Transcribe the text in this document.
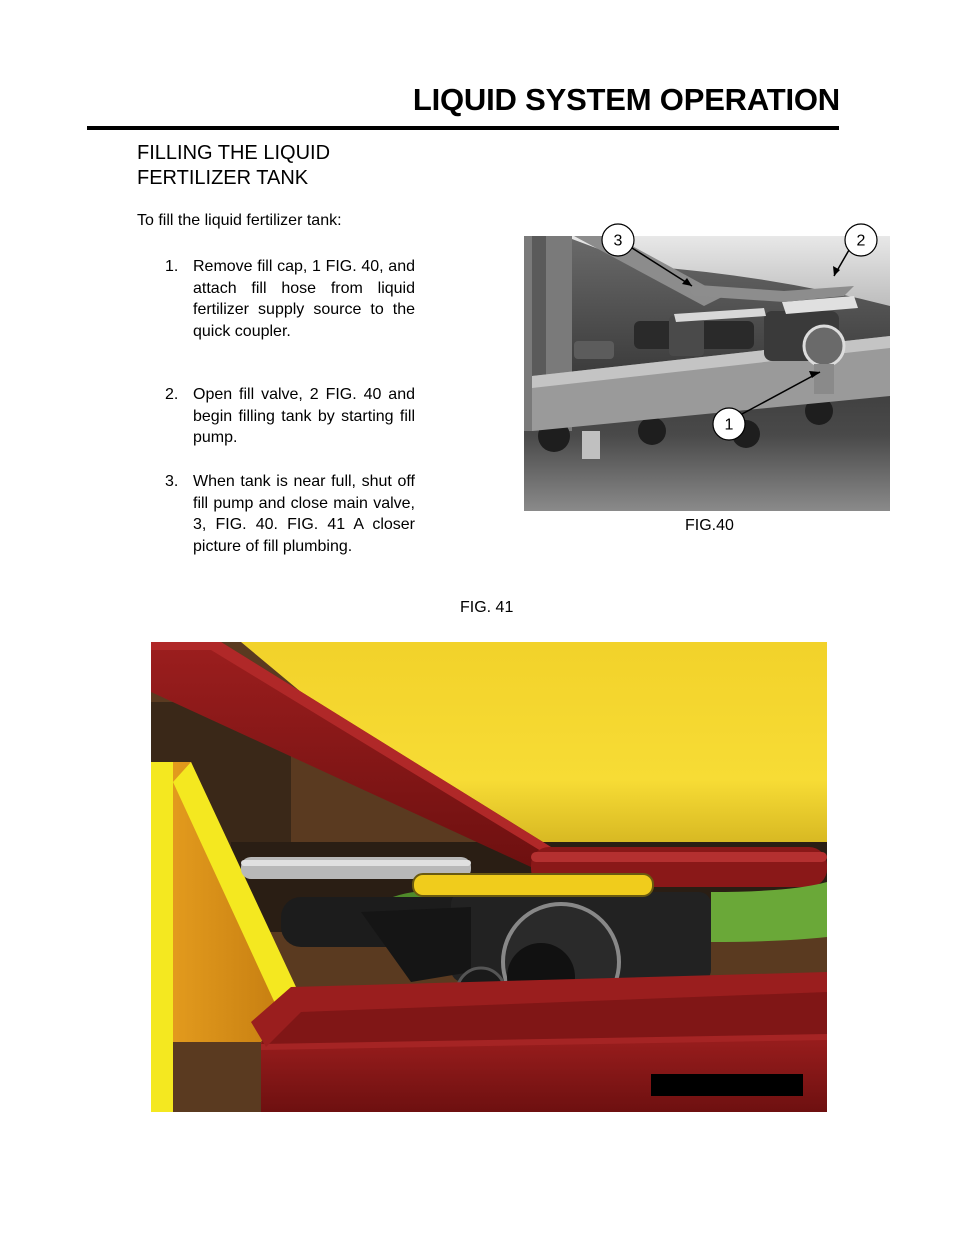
LIQUID SYSTEM OPERATION
FILLING THE LIQUID
FERTILIZER TANK
To fill the liquid fertilizer tank:
1. Remove fill cap, 1 FIG. 40, and attach fill hose from liquid fertilizer supply source to the quick coupler.
2. Open fill valve, 2 FIG. 40 and begin filling tank by starting fill pump.
3. When tank is near full, shut off fill pump and close main valve, 3, FIG. 40. FIG. 41 A closer picture of fill plumbing.
3	2
1
FIG.40
FIG. 41
